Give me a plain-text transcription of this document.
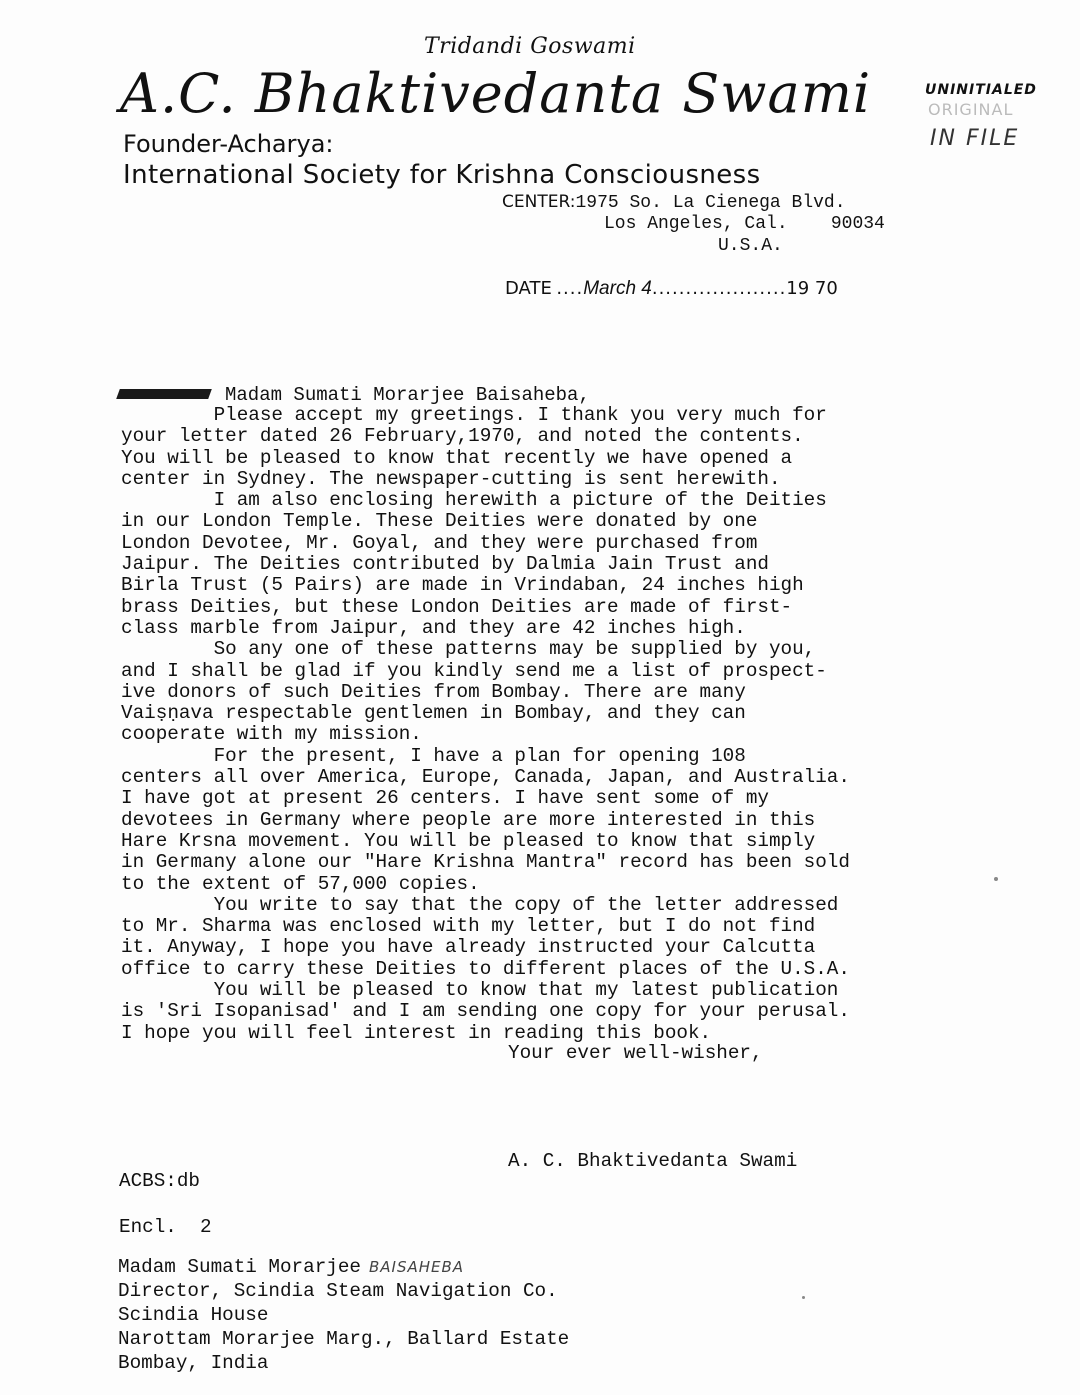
Tridandi Goswami
A.C. Bhaktivedanta Swami	UNINITIALED
ORIGINAL
IN FILE
Founder-Acharya:
International Society for Krishna Consciousness
CENTER:1975 So. La Cienega Blvd.
Los Angeles, Cal.    90034
U.S.A.
DATE ....March 4....................19 70
Madam Sumati Morarjee Baisaheba,
Please accept my greetings. I thank you very much for
your letter dated 26 February,1970, and noted the contents.
You will be pleased to know that recently we have opened a
center in Sydney. The newspaper-cutting is sent herewith.
I am also enclosing herewith a picture of the Deities
in our London Temple. These Deities were donated by one
London Devotee, Mr. Goyal, and they were purchased from
Jaipur. The Deities contributed by Dalmia Jain Trust and
Birla Trust (5 Pairs) are made in Vrindaban, 24 inches high
brass Deities, but these London Deities are made of first-
class marble from Jaipur, and they are 42 inches high.
So any one of these patterns may be supplied by you,
and I shall be glad if you kindly send me a list of prospect-
ive donors of such Deities from Bombay. There are many
Vaiṣṇava respectable gentlemen in Bombay, and they can
cooperate with my mission.
For the present, I have a plan for opening 108
centers all over America, Europe, Canada, Japan, and Australia.
I have got at present 26 centers. I have sent some of my
devotees in Germany where people are more interested in this
Hare Krsna movement. You will be pleased to know that simply
in Germany alone our "Hare Krishna Mantra" record has been sold
to the extent of 57,000 copies.
You write to say that the copy of the letter addressed
to Mr. Sharma was enclosed with my letter, but I do not find
it. Anyway, I hope you have already instructed your Calcutta
office to carry these Deities to different places of the U.S.A.
You will be pleased to know that my latest publication
is 'Sri Isopanisad' and I am sending one copy for your perusal.
I hope you will feel interest in reading this book.
Your ever well-wisher,
A. C. Bhaktivedanta Swami
ACBS:db
Encl.  2
Madam Sumati Morarjee BAISAHEBA
Director, Scindia Steam Navigation Co.
Scindia House
Narottam Morarjee Marg., Ballard Estate
Bombay, India
